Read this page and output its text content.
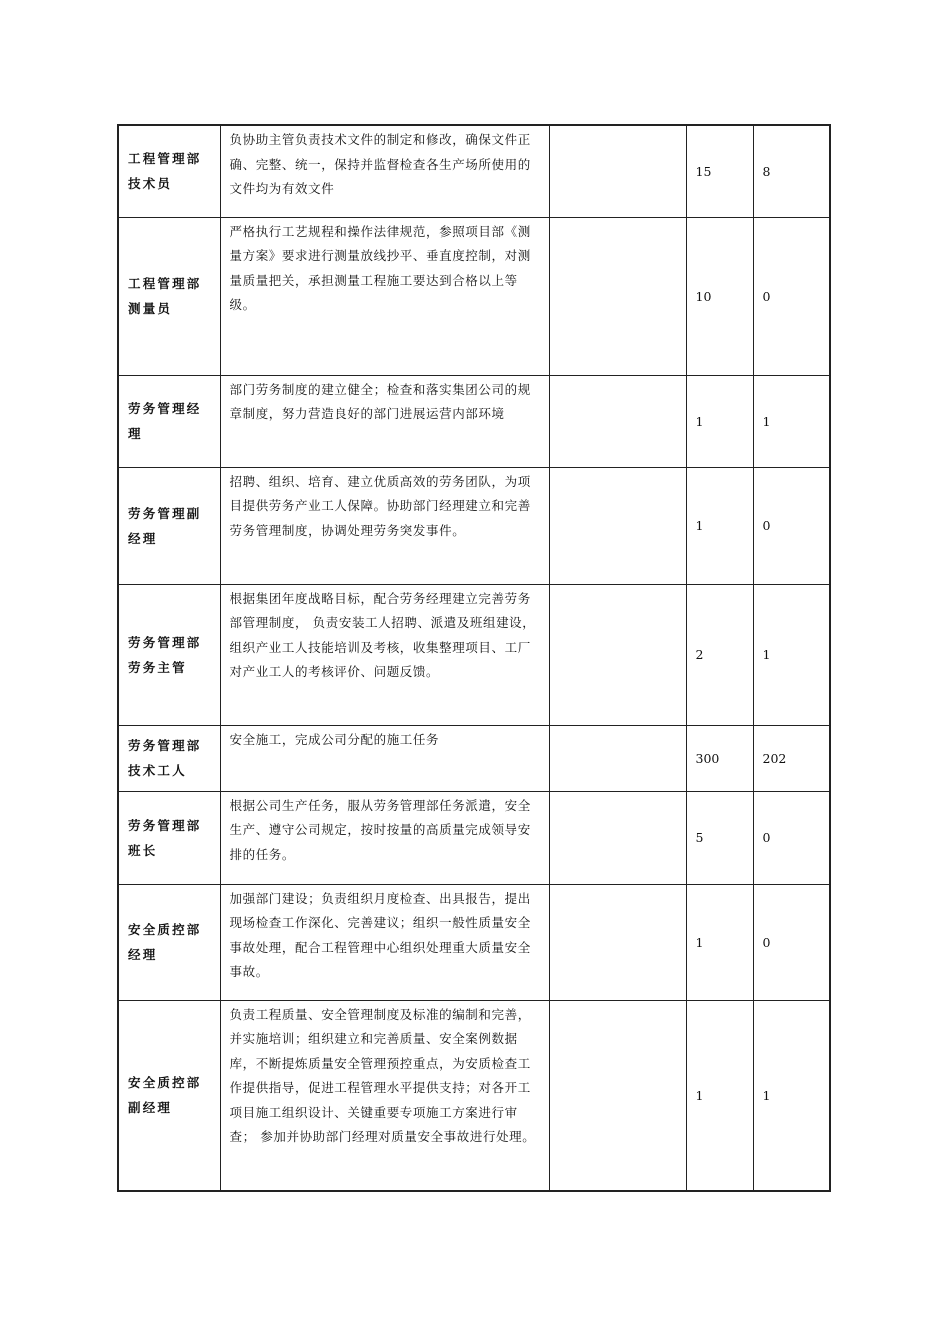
工程管理部
技术员	负协助主管负责技术文件的制定和修改，确保文件正确、完整、统一，保持并监督检查各生产场所使用的文件均为有效文件		15	8

工程管理部
测量员	严格执行工艺规程和操作法律规范，参照项目部《测量方案》要求进行测量放线抄平、垂直度控制，对测量质量把关，承担测量工程施工要达到合格以上等级。		10	0

劳务管理经
理	部门劳务制度的建立健全；检查和落实集团公司的规章制度，努力营造良好的部门进展运营内部环境		1	1

劳务管理副
经理	招聘、组织、培育、建立优质高效的劳务团队，为项目提供劳务产业工人保障。协助部门经理建立和完善劳务管理制度，协调处理劳务突发事件。		1	0

劳务管理部
劳务主管	根据集团年度战略目标，配合劳务经理建立完善劳务部管理制度， 负责安装工人招聘、派遣及班组建设，组织产业工人技能培训及考核，收集整理项目、工厂对产业工人的考核评价、问题反馈。		2	1

劳务管理部
技术工人	安全施工，完成公司分配的施工任务		300	202

劳务管理部
班长	根据公司生产任务，服从劳务管理部任务派遣，安全生产、遵守公司规定，按时按量的高质量完成领导安排的任务。		5	0

安全质控部
经理	加强部门建设；负责组织月度检查、出具报告，提出现场检查工作深化、完善建议；组织一般性质量安全事故处理，配合工程管理中心组织处理重大质量安全事故。		1	0

安全质控部
副经理	负责工程质量、安全管理制度及标准的编制和完善，并实施培训；组织建立和完善质量、安全案例数据库，不断提炼质量安全管理预控重点，为安质检查工作提供指导，促进工程管理水平提供支持；对各开工项目施工组织设计、关键重要专项施工方案进行审查； 参加并协助部门经理对质量安全事故进行处理。		1	1
